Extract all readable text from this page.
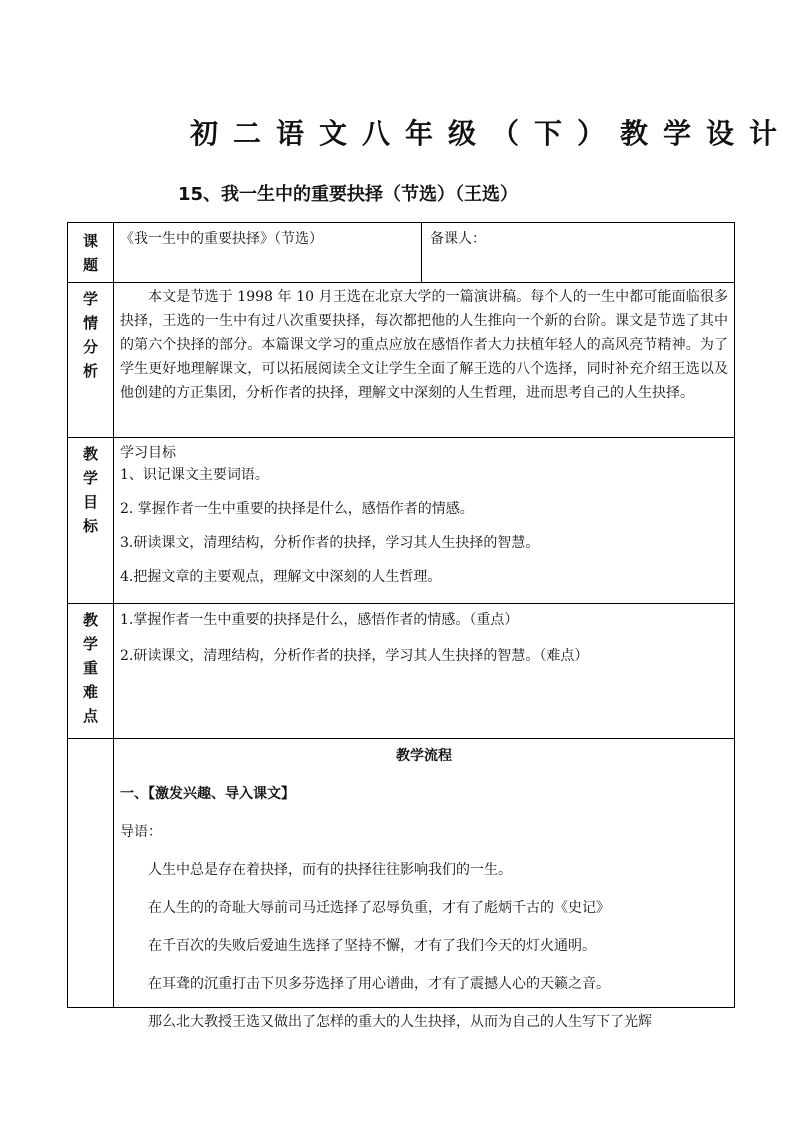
初二语文八年级（下）教学设计
15、我一生中的重要抉择（节选）（王选）
课
题

《我一生中的重要抉择》（节选）	备课人：

学
情
分
析

本文是节选于 1998 年 10 月王选在北京大学的一篇演讲稿。每个人的一生中都可能面临很多抉择，王选的一生中有过八次重要抉择，每次都把他的人生推向一个新的台阶。课文是节选了其中的第六个抉择的部分。本篇课文学习的重点应放在感悟作者大力扶植年轻人的高风亮节精神。为了学生更好地理解课文，可以拓展阅读全文让学生全面了解王选的八个选择，同时补充介绍王选以及他创建的方正集团，分析作者的抉择，理解文中深刻的人生哲理，进而思考自己的人生抉择。

教
学
目
标

学习目标

1、识记课文主要词语。

2. 掌握作者一生中重要的抉择是什么，感悟作者的情感。

3.研读课文，清理结构，分析作者的抉择，学习其人生抉择的智慧。

4.把握文章的主要观点，理解文中深刻的人生哲理。

教
学
重
难
点

1.掌握作者一生中重要的抉择是什么，感悟作者的情感。（重点）

2.研读课文，清理结构，分析作者的抉择，学习其人生抉择的智慧。（难点）

教学流程

一、【激发兴趣、导入课文】

导语：

人生中总是存在着抉择，而有的抉择往往影响我们的一生。

在人生的的奇耻大辱前司马迁选择了忍辱负重，才有了彪炳千古的《史记》

在千百次的失败后爱迪生选择了坚持不懈，才有了我们今天的灯火通明。

在耳聋的沉重打击下贝多芬选择了用心谱曲，才有了震撼人心的天籁之音。

那么北大教授王选又做出了怎样的重大的人生抉择，从而为自己的人生写下了光辉
